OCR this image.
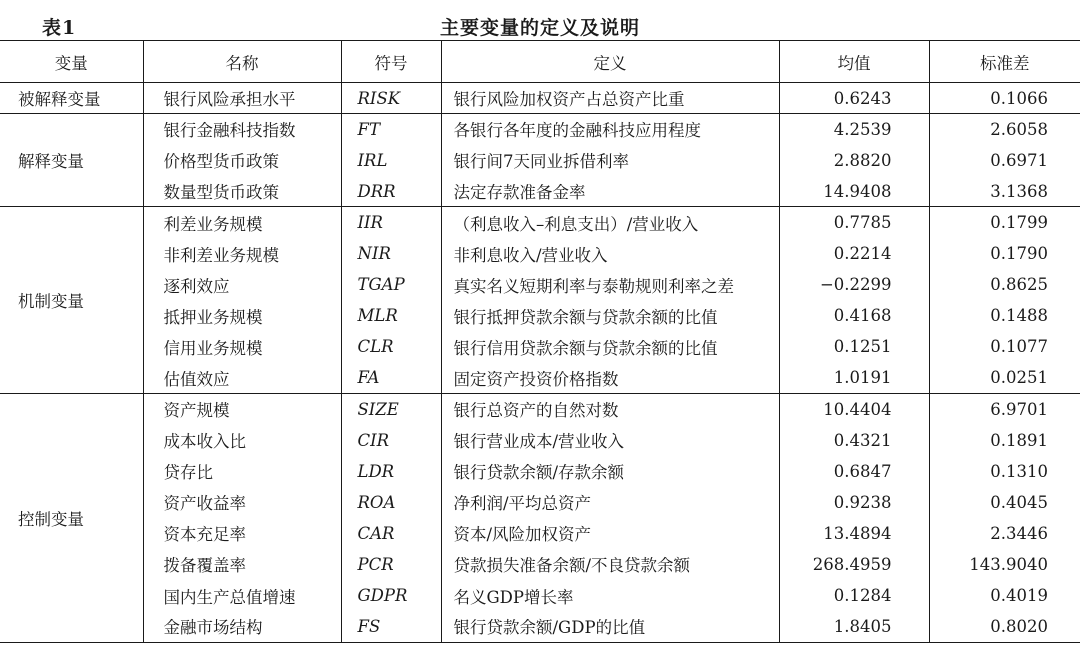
表1	主要变量的定义及说明
变量	名称	符号	定义	均值	标准差
被解释变量	银行风险承担水平	RISK	银行风险加权资产占总资产比重	0.6243	0.1066
解释变量	银行金融科技指数	FT	各银行各年度的金融科技应用程度	4.2539	2.6058
	价格型货币政策	IRL	银行间7天同业拆借利率	2.8820	0.6971
	数量型货币政策	DRR	法定存款准备金率	14.9408	3.1368
机制变量	利差业务规模	IIR	（利息收入–利息支出）/营业收入	0.7785	0.1799
	非利差业务规模	NIR	非利息收入/营业收入	0.2214	0.1790
	逐利效应	TGAP	真实名义短期利率与泰勒规则利率之差	−0.2299	0.8625
	抵押业务规模	MLR	银行抵押贷款余额与贷款余额的比值	0.4168	0.1488
	信用业务规模	CLR	银行信用贷款余额与贷款余额的比值	0.1251	0.1077
	估值效应	FA	固定资产投资价格指数	1.0191	0.0251
控制变量	资产规模	SIZE	银行总资产的自然对数	10.4404	6.9701
	成本收入比	CIR	银行营业成本/营业收入	0.4321	0.1891
	贷存比	LDR	银行贷款余额/存款余额	0.6847	0.1310
	资产收益率	ROA	净利润/平均总资产	0.9238	0.4045
	资本充足率	CAR	资本/风险加权资产	13.4894	2.3446
	拨备覆盖率	PCR	贷款损失准备余额/不良贷款余额	268.4959	143.9040
	国内生产总值增速	GDPR	名义GDP增长率	0.1284	0.4019
	金融市场结构	FS	银行贷款余额/GDP的比值	1.8405	0.8020
